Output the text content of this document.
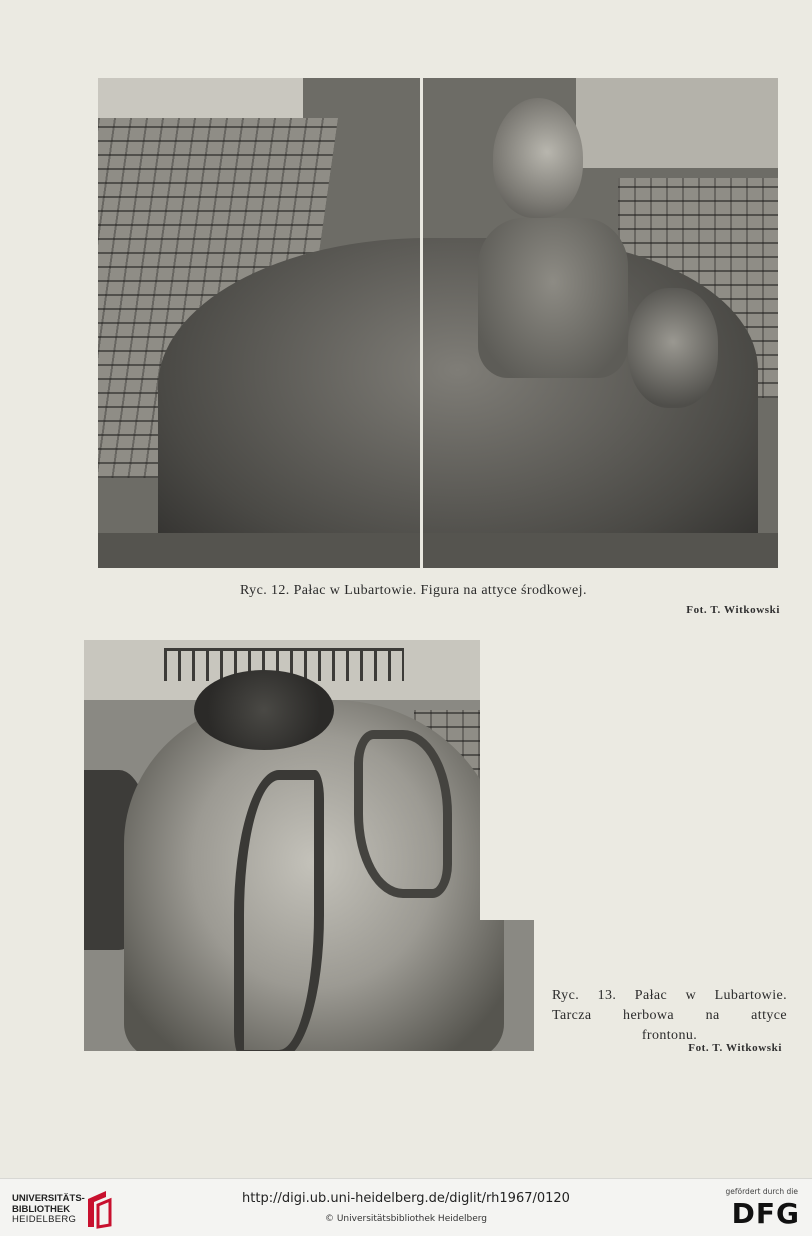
Ryc. 12. Pałac w Lubartowie. Figura na attyce środkowej.
Fot. T. Witkowski
Ryc. 13. Pałac w Lubartowie.
Tarcza herbowa na attyce
frontonu.
Fot. T. Witkowski
UNIVERSITÄTS-
BIBLIOTHEK
HEIDELBERG
http://digi.ub.uni-heidelberg.de/diglit/rh1967/0120
© Universitätsbibliothek Heidelberg
gefördert durch die
DFG
